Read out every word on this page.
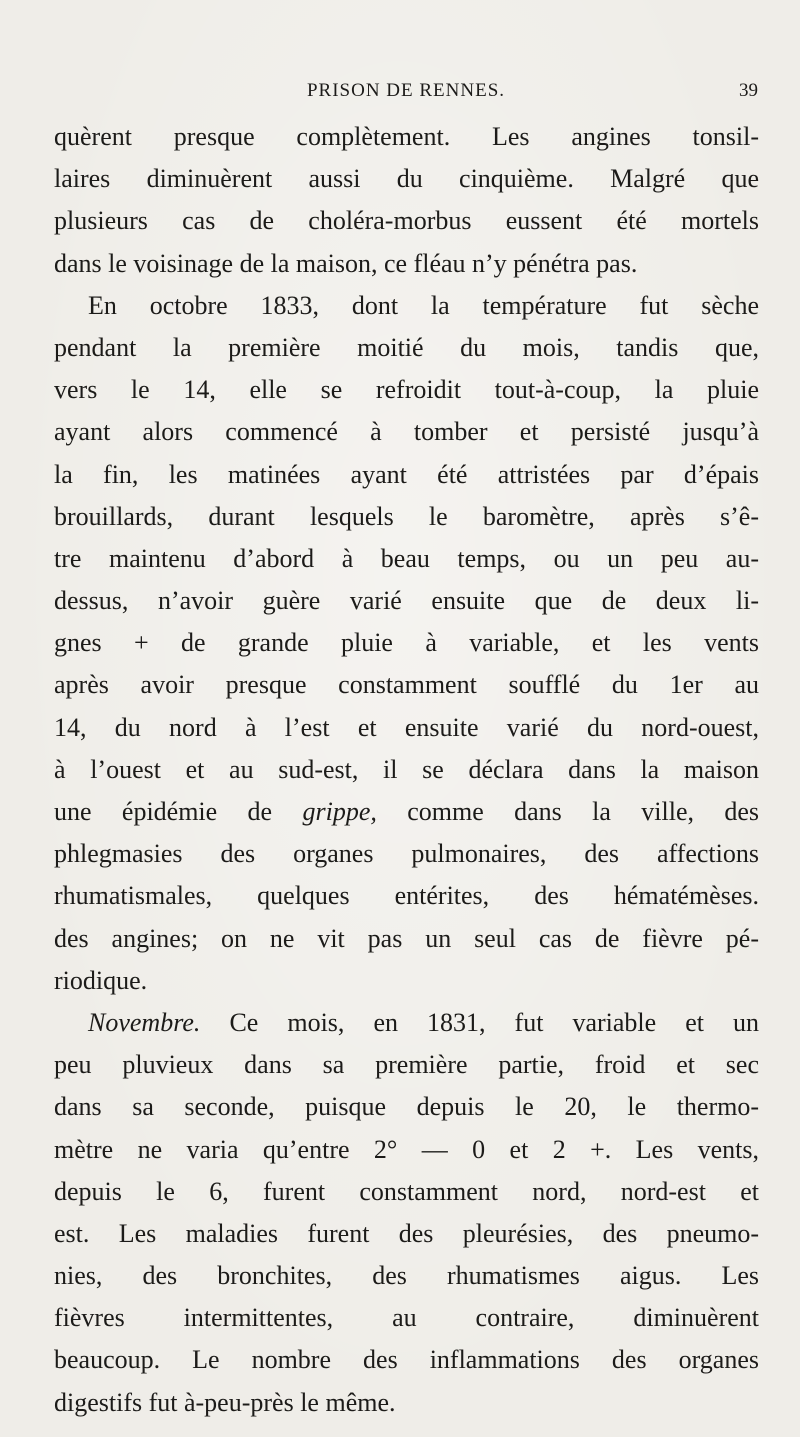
PRISON DE RENNES.	39
quèrent presque complètement. Les angines tonsil-
laires diminuèrent aussi du cinquième. Malgré que
plusieurs cas de choléra-morbus eussent été mortels
dans le voisinage de la maison, ce fléau n’y pénétra pas.
En octobre 1833, dont la température fut sèche
pendant la première moitié du mois, tandis que,
vers le 14, elle se refroidit tout-à-coup, la pluie
ayant alors commencé à tomber et persisté jusqu’à
la fin, les matinées ayant été attristées par d’épais
brouillards, durant lesquels le baromètre, après s’ê-
tre maintenu d’abord à beau temps, ou un peu au-
dessus, n’avoir guère varié ensuite que de deux li-
gnes + de grande pluie à variable, et les vents
après avoir presque constamment soufflé du 1er au
14, du nord à l’est et ensuite varié du nord-ouest,
à l’ouest et au sud-est, il se déclara dans la maison
une épidémie de grippe, comme dans la ville, des
phlegmasies des organes pulmonaires, des affections
rhumatismales, quelques entérites, des hématémèses.
des angines; on ne vit pas un seul cas de fièvre pé-
riodique.
Novembre. Ce mois, en 1831, fut variable et un
peu pluvieux dans sa première partie, froid et sec
dans sa seconde, puisque depuis le 20, le thermo-
mètre ne varia qu’entre 2° — 0 et 2 +. Les vents,
depuis le 6, furent constamment nord, nord-est et
est. Les maladies furent des pleurésies, des pneumo-
nies, des bronchites, des rhumatismes aigus. Les
fièvres intermittentes, au contraire, diminuèrent
beaucoup. Le nombre des inflammations des organes
digestifs fut à-peu-près le même.
